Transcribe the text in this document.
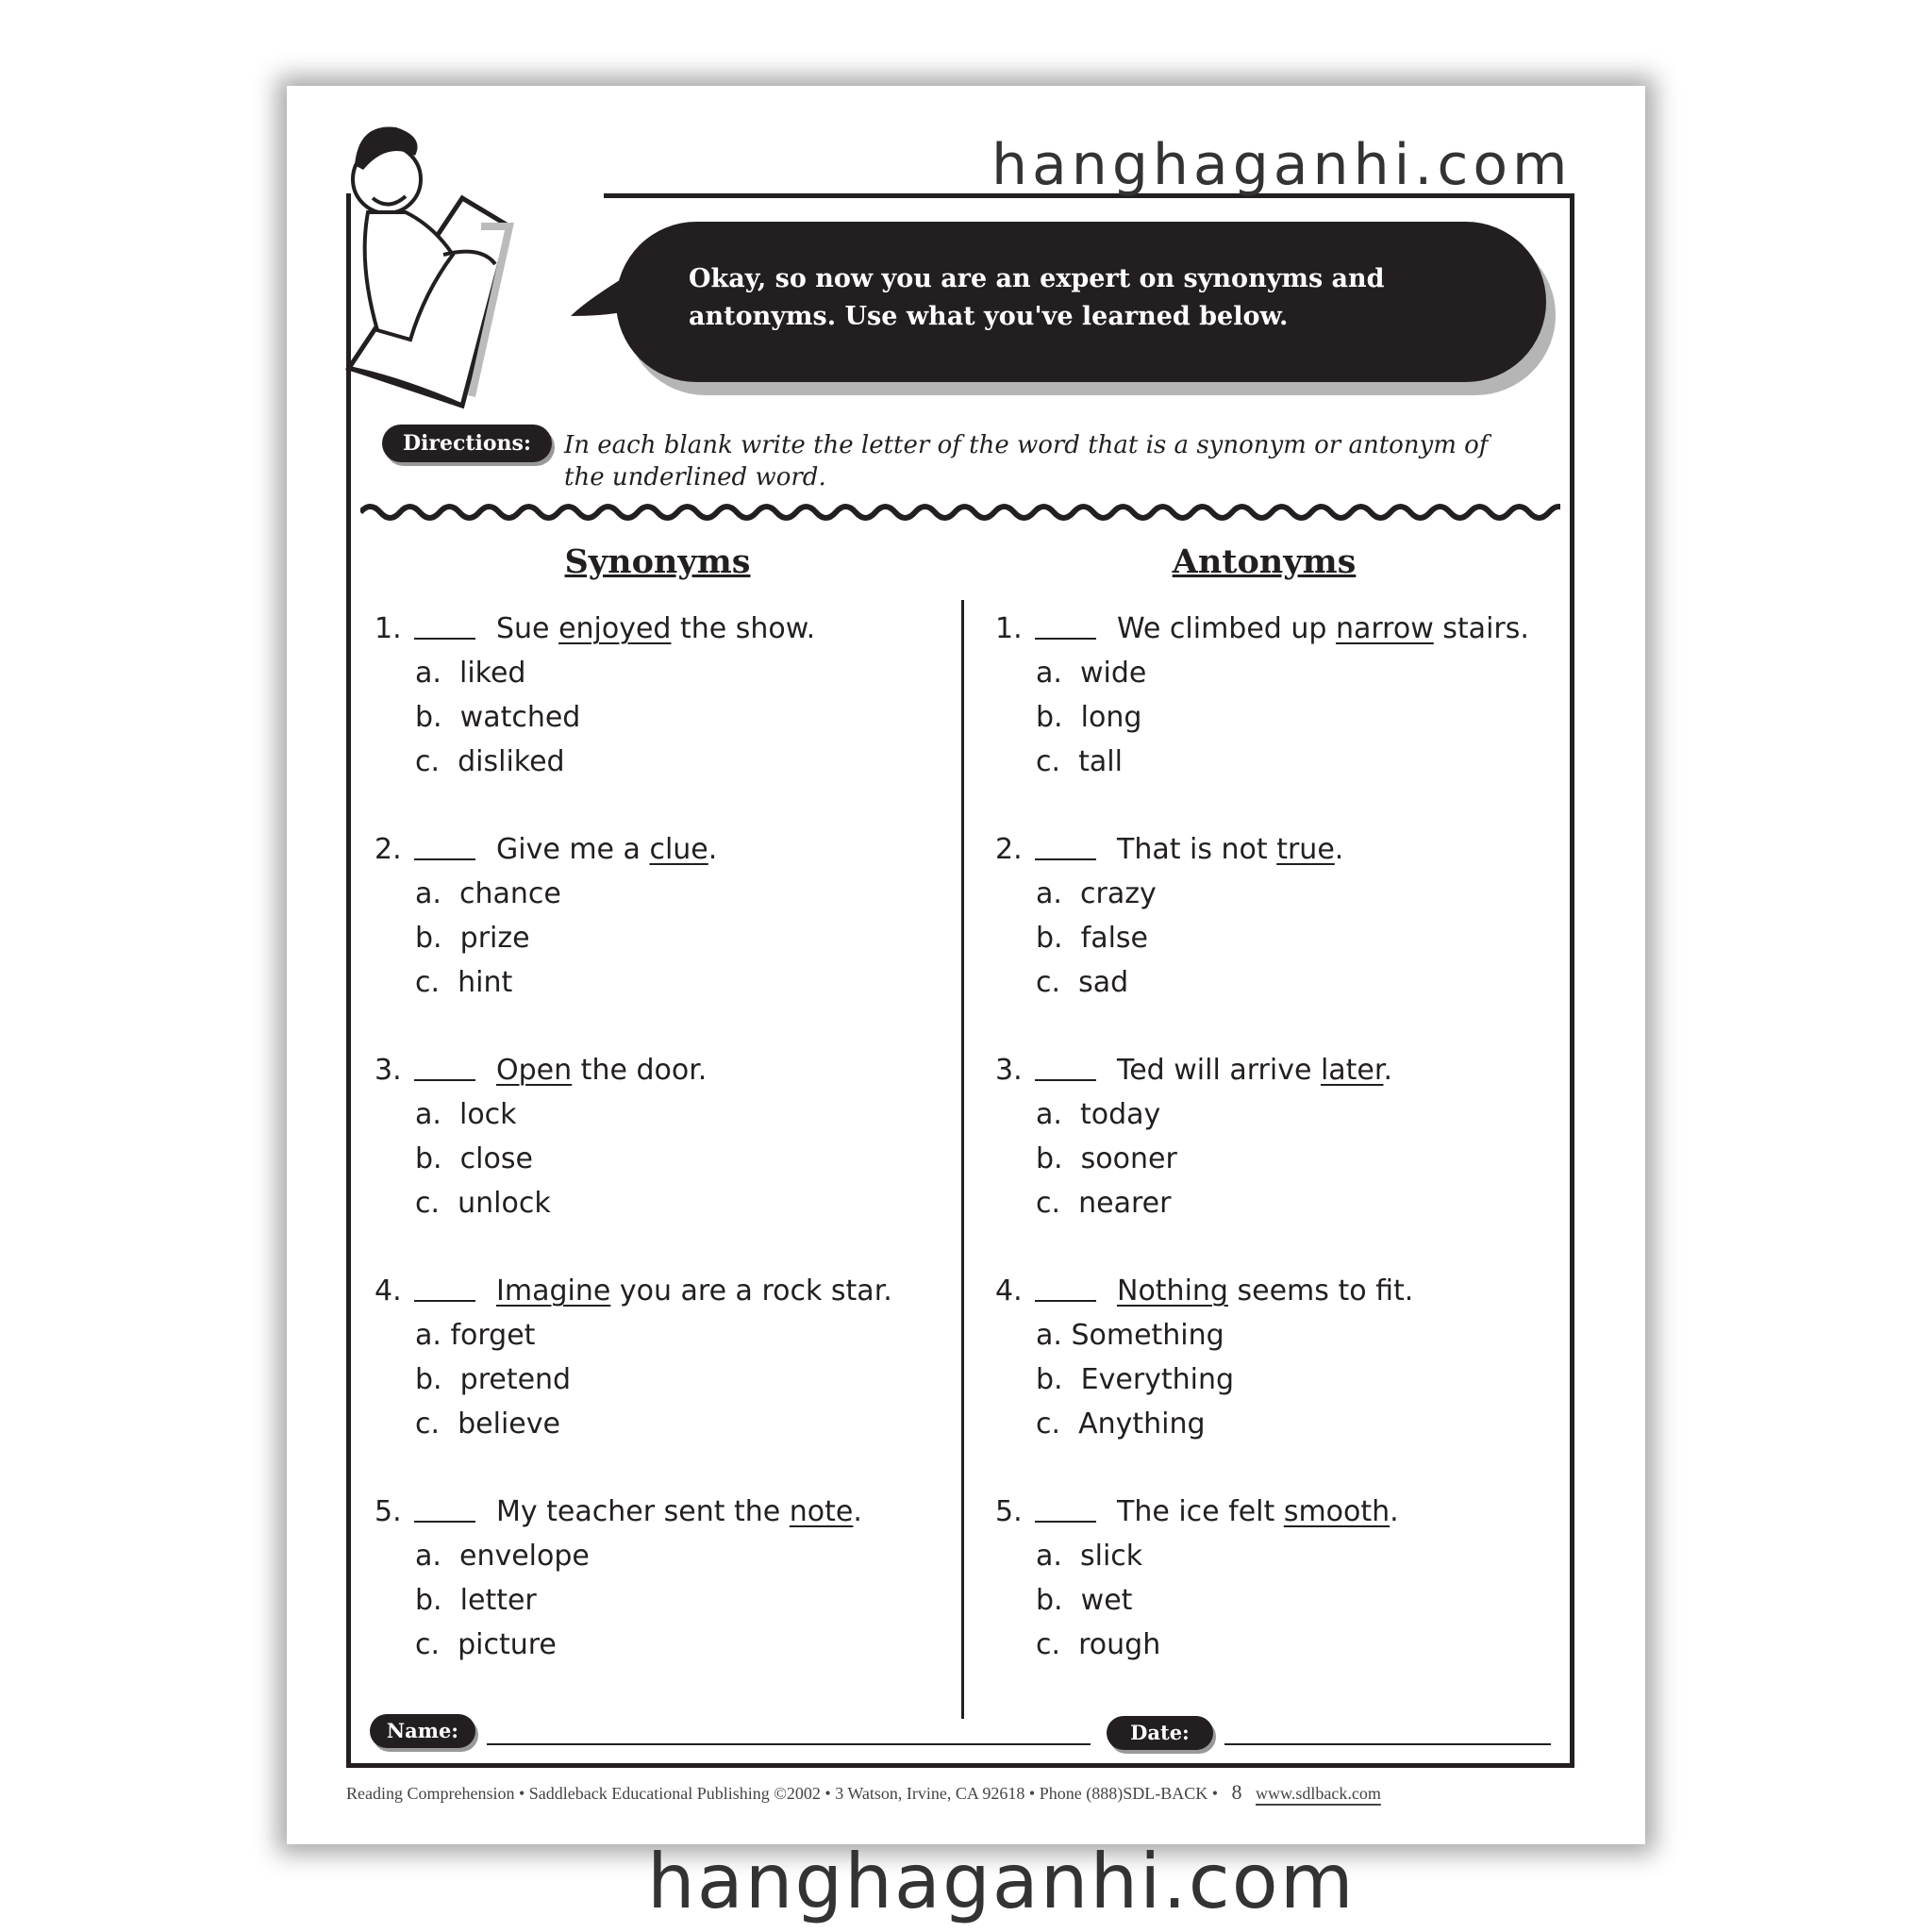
Okay, so now you are an expert on synonyms and antonyms. Use what you've learned below.
Directions:	In each blank write the letter of the word that is a synonym or antonym of the underlined word.
Synonyms	Antonyms
1.	Sue enjoyed the show.
a.  liked
b.  watched
c.  disliked
2.	Give me a clue.
a.  chance
b.  prize
c.  hint
3.	Open the door.
a.  lock
b.  close
c.  unlock
4.	Imagine you are a rock star.
a. forget
b.  pretend
c.  believe
5.	My teacher sent the note.
a.  envelope
b.  letter
c.  picture
1.	We climbed up narrow stairs.
a.  wide
b.  long
c.  tall
2.	That is not true.
a.  crazy
b.  false
c.  sad
3.	Ted will arrive later.
a.  today
b.  sooner
c.  nearer
4.	Nothing seems to fit.
a. Something
b.  Everything
c.  Anything
5.	The ice felt smooth.
a.  slick
b.  wet
c.  rough
Name:	Date:
Reading Comprehension • Saddleback Educational Publishing ©2002 • 3 Watson, Irvine, CA 92618 • Phone (888)SDL-BACK • 8 www.sdlback.com
hanghaganhi.com
hanghaganhi.com
